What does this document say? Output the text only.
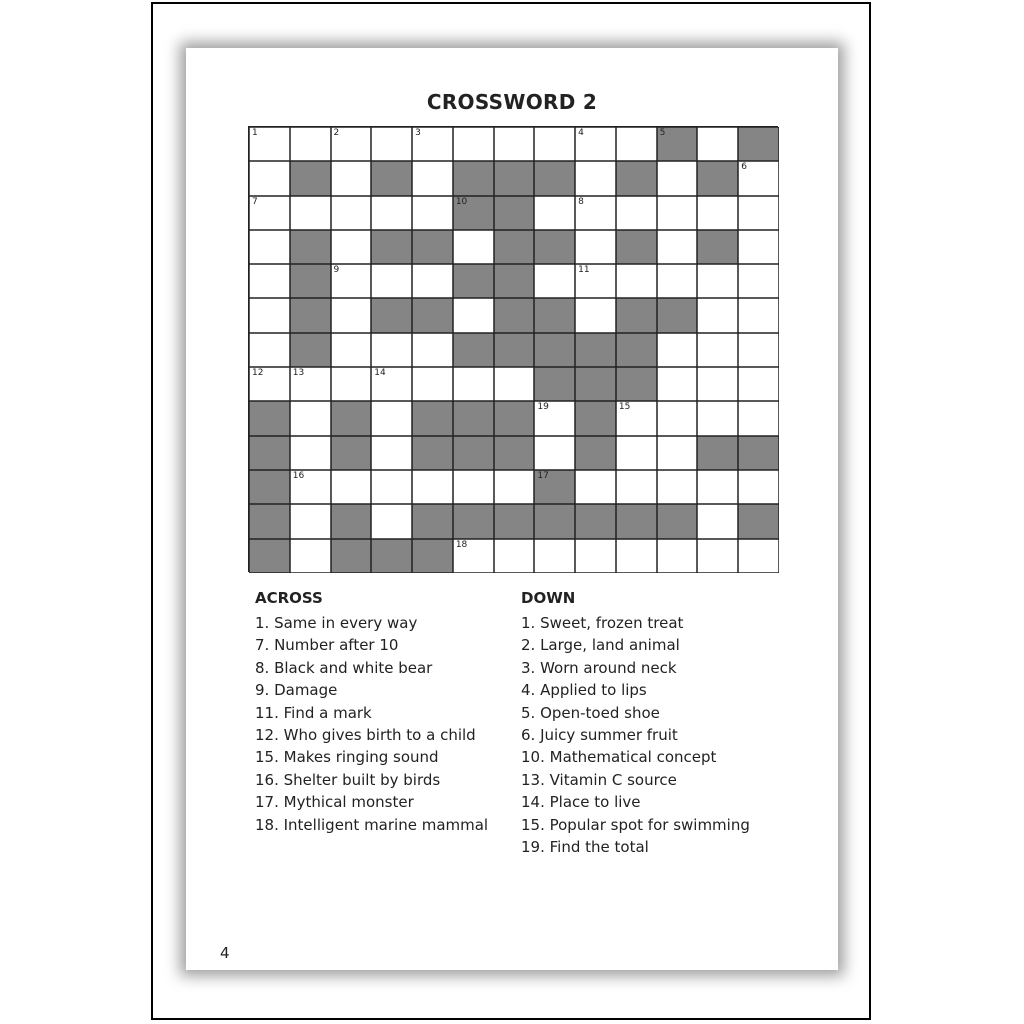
CROSSWORD 2
1	2	3	4	5
6
7	10	8
9	11
12	13	14
19	15
16	17
18
ACROSS
1. Same in every way
7. Number after 10
8. Black and white bear
9. Damage
11. Find a mark
12. Who gives birth to a child
15. Makes ringing sound
16. Shelter built by birds
17. Mythical monster
18. Intelligent marine mammal
DOWN
1. Sweet, frozen treat
2. Large, land animal
3. Worn around neck
4. Applied to lips
5. Open-toed shoe
6. Juicy summer fruit
10. Mathematical concept
13. Vitamin C source
14. Place to live
15. Popular spot for swimming
19. Find the total
4
